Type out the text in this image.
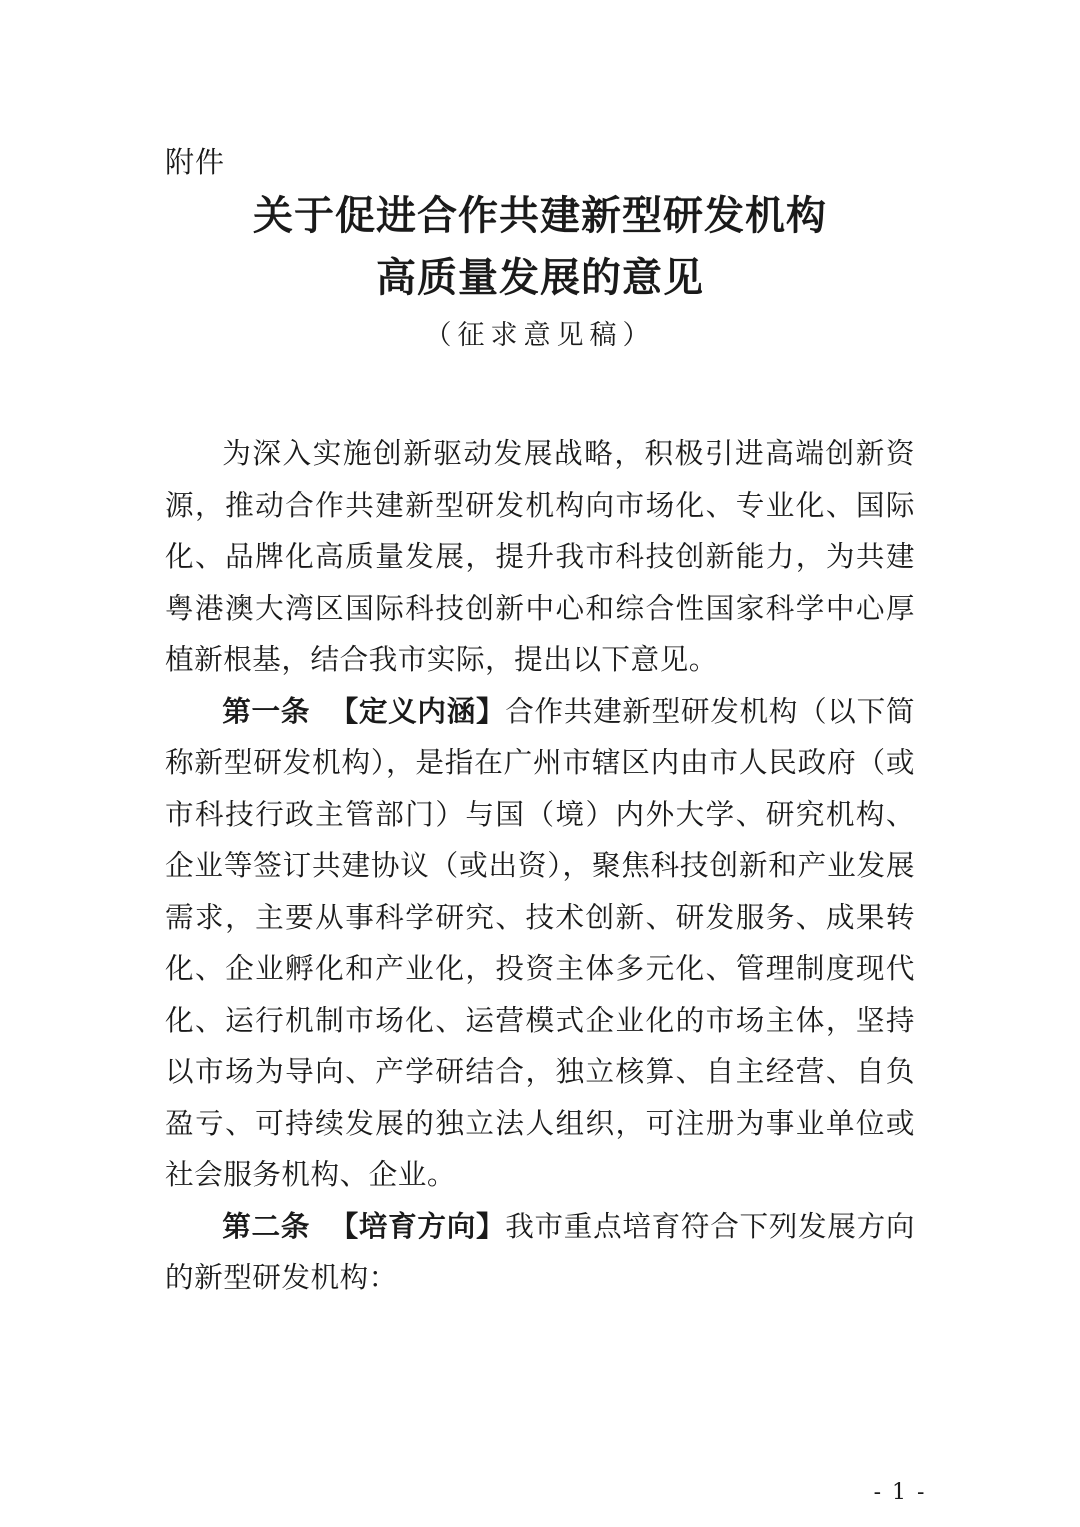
附件
关于促进合作共建新型研发机构
高质量发展的意见
（征求意见稿）

为深入实施创新驱动发展战略，积极引进高端创新资源，推动合作共建新型研发机构向市场化、专业化、国际化、品牌化高质量发展，提升我市科技创新能力，为共建粤港澳大湾区国际科技创新中心和综合性国家科学中心厚植新根基，结合我市实际，提出以下意见。

第一条 【定义内涵】合作共建新型研发机构（以下简称新型研发机构），是指在广州市辖区内由市人民政府（或市科技行政主管部门）与国（境）内外大学、研究机构、企业等签订共建协议（或出资），聚焦科技创新和产业发展需求，主要从事科学研究、技术创新、研发服务、成果转化、企业孵化和产业化，投资主体多元化、管理制度现代化、运行机制市场化、运营模式企业化的市场主体，坚持以市场为导向、产学研结合，独立核算、自主经营、自负盈亏、可持续发展的独立法人组织，可注册为事业单位或社会服务机构、企业。

第二条 【培育方向】我市重点培育符合下列发展方向的新型研发机构：

- 1 -
